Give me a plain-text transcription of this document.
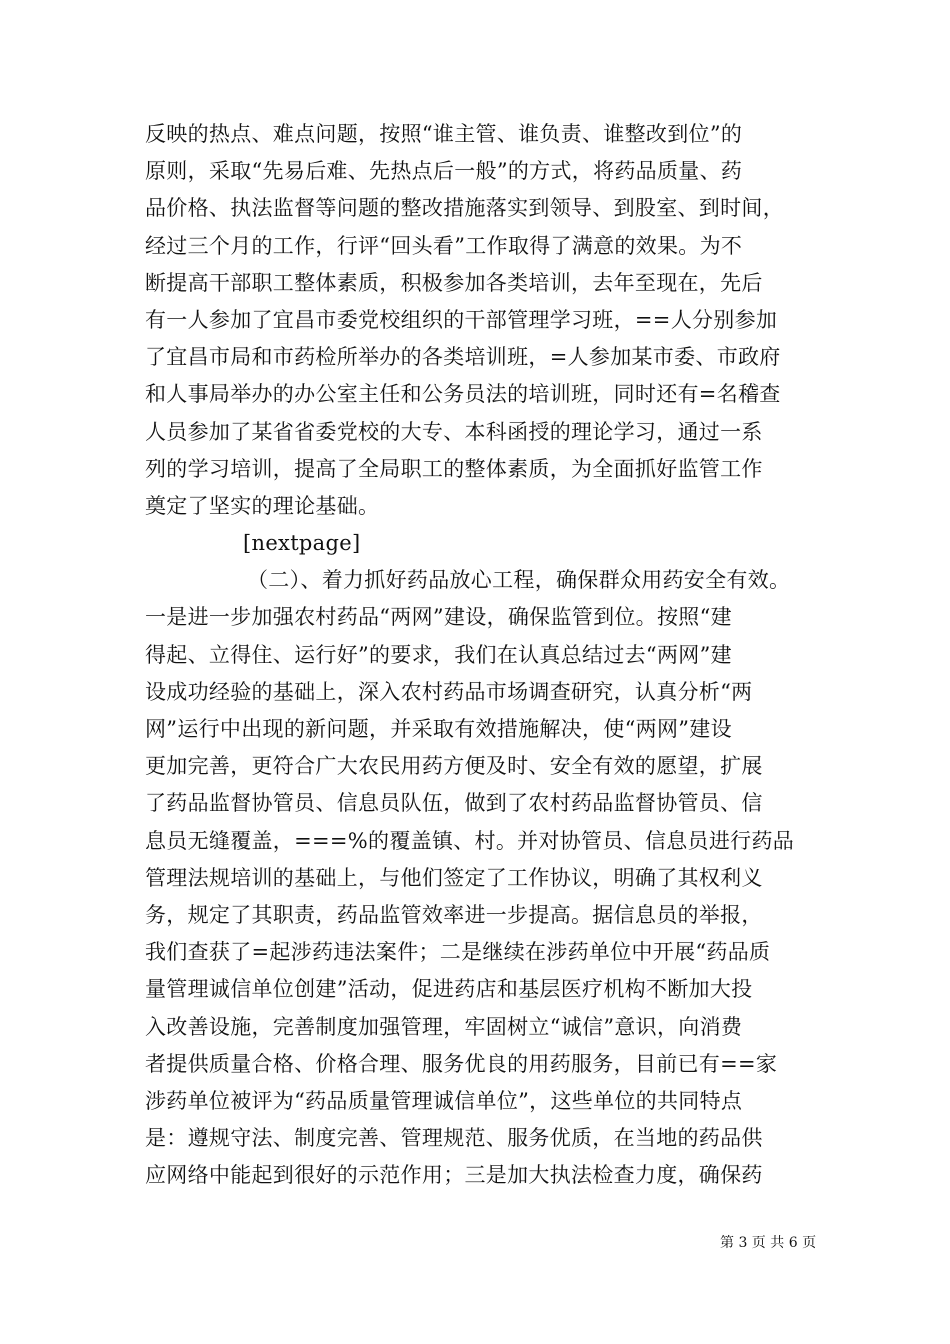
反映的热点、难点问题，按照“谁主管、谁负责、谁整改到位”的
原则，采取“先易后难、先热点后一般”的方式，将药品质量、药
品价格、执法监督等问题的整改措施落实到领导、到股室、到时间，
经过三个月的工作，行评“回头看”工作取得了满意的效果。为不
断提高干部职工整体素质，积极参加各类培训，去年至现在，先后
有一人参加了宜昌市委党校组织的干部管理学习班，==人分别参加
了宜昌市局和市药检所举办的各类培训班，=人参加某市委、市政府
和人事局举办的办公室主任和公务员法的培训班，同时还有=名稽查
人员参加了某省省委党校的大专、本科函授的理论学习，通过一系
列的学习培训，提高了全局职工的整体素质，为全面抓好监管工作
奠定了坚实的理论基础。
[nextpage]
（二）、着力抓好药品放心工程，确保群众用药安全有效。
一是进一步加强农村药品“两网”建设，确保监管到位。按照“建
得起、立得住、运行好”的要求，我们在认真总结过去“两网”建
设成功经验的基础上，深入农村药品市场调查研究，认真分析“两
网”运行中出现的新问题，并采取有效措施解决，使“两网”建设
更加完善，更符合广大农民用药方便及时、安全有效的愿望，扩展
了药品监督协管员、信息员队伍，做到了农村药品监督协管员、信
息员无缝覆盖，===%的覆盖镇、村。并对协管员、信息员进行药品
管理法规培训的基础上，与他们签定了工作协议，明确了其权利义
务，规定了其职责，药品监管效率进一步提高。据信息员的举报，
我们查获了=起涉药违法案件；二是继续在涉药单位中开展“药品质
量管理诚信单位创建”活动，促进药店和基层医疗机构不断加大投
入改善设施，完善制度加强管理，牢固树立“诚信”意识，向消费
者提供质量合格、价格合理、服务优良的用药服务，目前已有==家
涉药单位被评为“药品质量管理诚信单位”，这些单位的共同特点
是：遵规守法、制度完善、管理规范、服务优质，在当地的药品供
应网络中能起到很好的示范作用；三是加大执法检查力度，确保药
第 3 页 共 6 页
